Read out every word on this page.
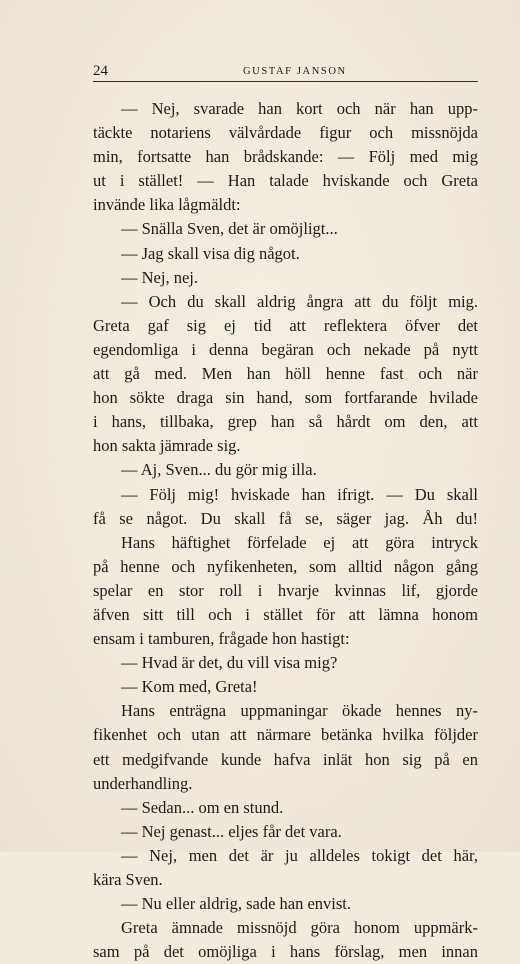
24	GUSTAF JANSON
— Nej, svarade han kort och när han upp-
täckte notariens välvårdade figur och missnöjda
min, fortsatte han brådskande: — Följ med mig
ut i stället! — Han talade hviskande och Greta
invände lika lågmäldt:
— Snälla Sven, det är omöjligt...
— Jag skall visa dig något.
— Nej, nej.
— Och du skall aldrig ångra att du följt mig.
Greta gaf sig ej tid att reflektera öfver det
egendomliga i denna begäran och nekade på nytt
att gå med. Men han höll henne fast och när
hon sökte draga sin hand, som fortfarande hvilade
i hans, tillbaka, grep han så hårdt om den, att
hon sakta jämrade sig.
— Aj, Sven... du gör mig illa.
— Följ mig! hviskade han ifrigt. — Du skall
få se något. Du skall få se, säger jag. Åh du!
Hans häftighet förfelade ej att göra intryck
på henne och nyfikenheten, som alltid någon gång
spelar en stor roll i hvarje kvinnas lif, gjorde
äfven sitt till och i stället för att lämna honom
ensam i tamburen, frågade hon hastigt:
— Hvad är det, du vill visa mig?
— Kom med, Greta!
Hans enträgna uppmaningar ökade hennes ny-
fikenhet och utan att närmare betänka hvilka följder
ett medgifvande kunde hafva inlät hon sig på en
underhandling.
— Sedan... om en stund.
— Nej genast... eljes får det vara.
— Nej, men det är ju alldeles tokigt det här,
kära Sven.
— Nu eller aldrig, sade han envist.
Greta ämnade missnöjd göra honom uppmärk-
sam på det omöjliga i hans förslag, men innan
